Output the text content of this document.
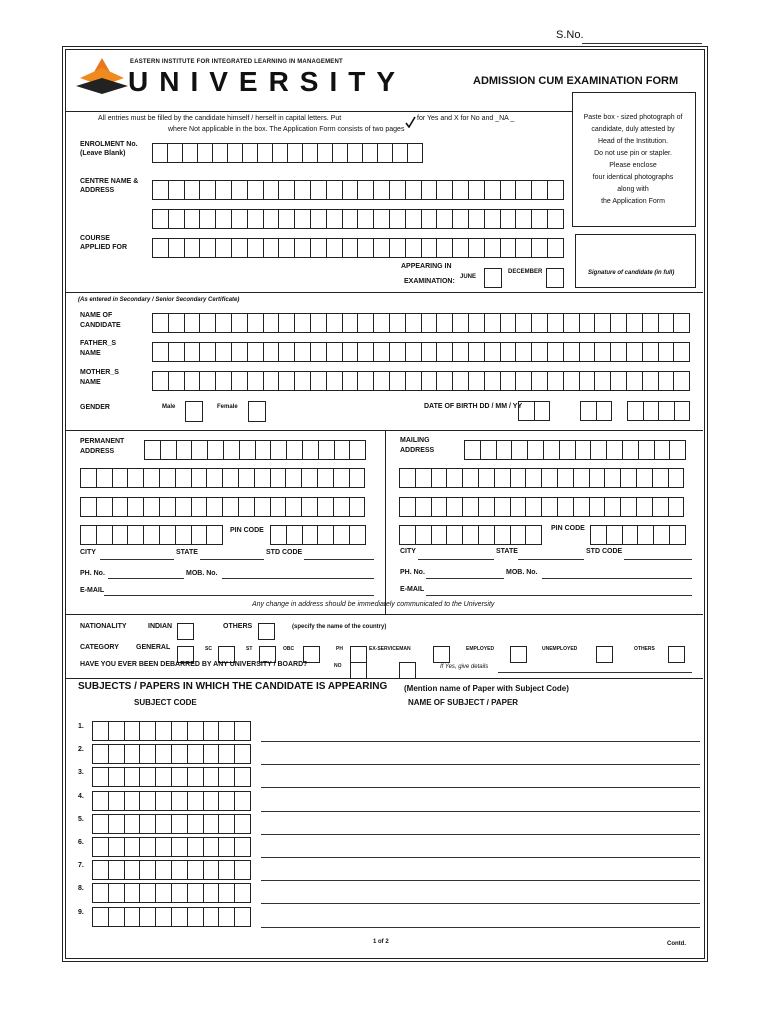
S.No.
EASTERN INSTITUTE FOR INTEGRATED LEARNING IN MANAGEMENT
UNIVERSITY	ADMISSION CUM EXAMINATION FORM
Paste box - sized photograph of
candidate, duly attested by
Head of the Institution.
Do not use pin or stapler.
Please enclose
four identical photographs
along with
the Application Form
Signature of candidate (in full)
All entries must be filled by the candidate himself / herself in capital letters. Put	for Yes and X for No and _NA _
where Not applicable in the box. The Application Form consists of two pages
ENROLMENT No.
(Leave Blank)
CENTRE NAME &
ADDRESS
COURSE
APPLIED FOR
APPEARING IN
EXAMINATION:
JUNE
DECEMBER
(As entered in Secondary / Senior Secondary Certificate)
NAME OF
CANDIDATE
FATHER_S
NAME
MOTHER_S
NAME
GENDER	Male	Female	DATE OF BIRTH DD / MM / YY
PERMANENT
ADDRESS
PIN CODE
CITY	STATE	STD CODE
PH. No.	MOB. No.
E-MAIL
MAILING
ADDRESS
PIN CODE
CITY	STATE	STD CODE
PH. No.	MOB. No.
E-MAIL
Any change in address should be immediately communicated to the University
NATIONALITY	INDIAN	OTHERS	(specify the name of the country)
CATEGORY GENERAL	SC	ST	OBC	PH	EX-SERVICEMAN	EMPLOYED	UNEMPLOYED	OTHERS
HAVE YOU EVER BEEN DEBARRED BY ANY UNIVERSITY / BOARD?	NO	If Yes, give details
SUBJECTS / PAPERS IN WHICH THE CANDIDATE IS APPEARING (Mention name of Paper with Subject Code)
SUBJECT CODE	NAME OF SUBJECT / PAPER
1.
2.
3.
4.
5.
6.
7.
8.
9.
1 of 2	Contd.
